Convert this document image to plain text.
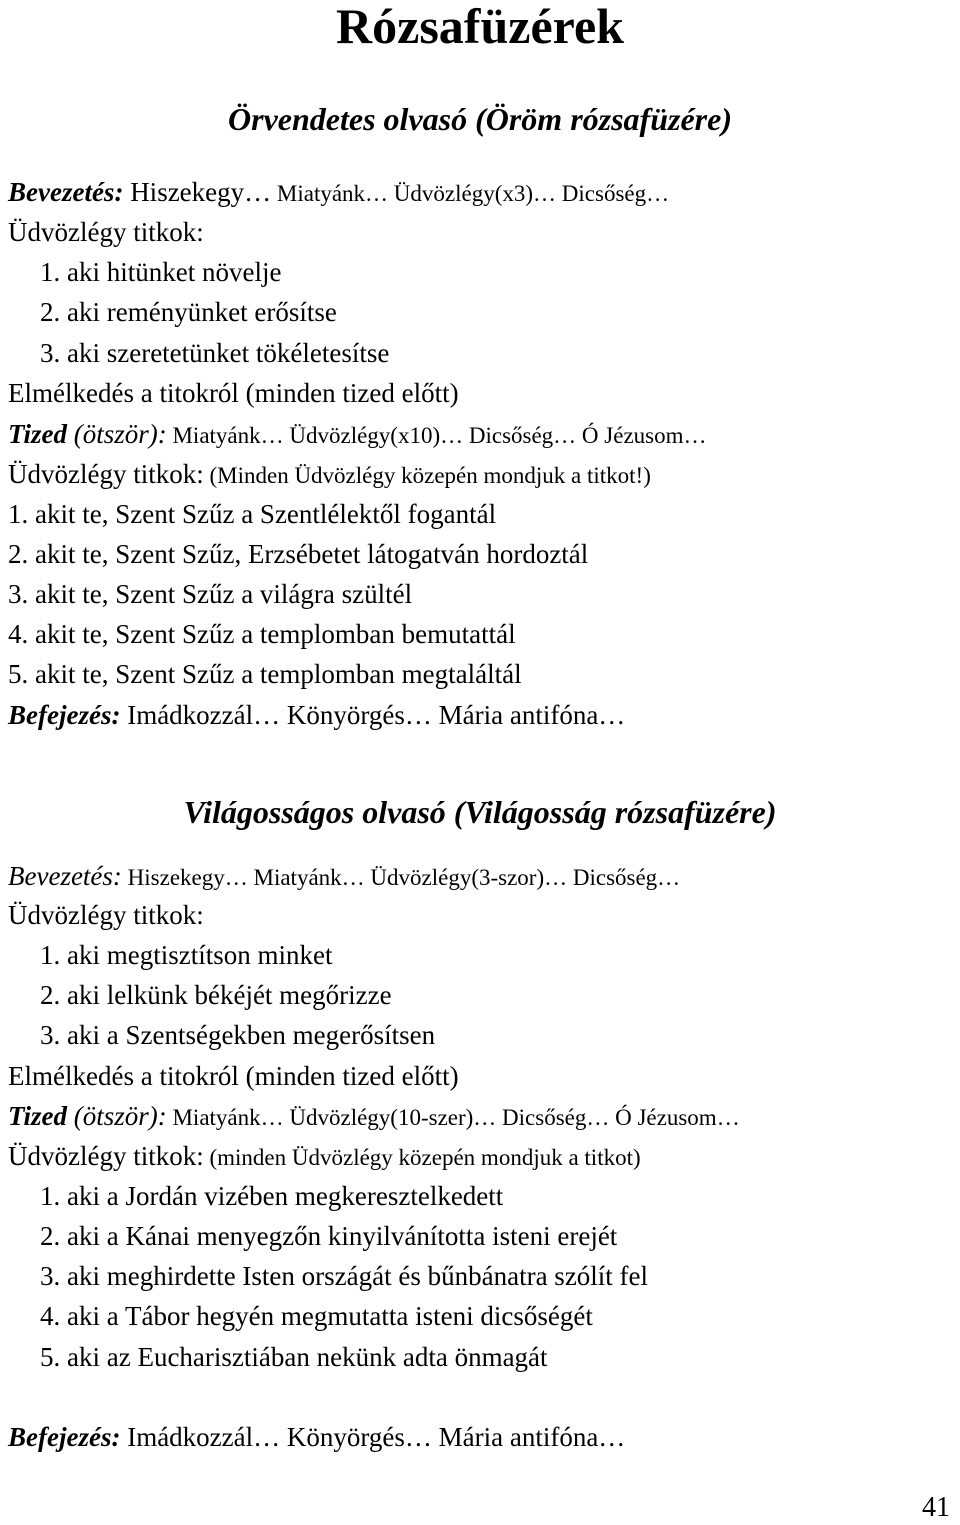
Rózsafüzérek
Örvendetes olvasó (Öröm rózsafüzére)
Bevezetés: Hiszekegy… Miatyánk… Üdvözlégy(x3)… Dicsőség…
Üdvözlégy titkok:
1. aki hitünket növelje
2. aki reményünket erősítse
3. aki szeretetünket tökéletesítse
Elmélkedés a titokról (minden tized előtt)
Tized (ötször): Miatyánk… Üdvözlégy(x10)… Dicsőség… Ó Jézusom…
Üdvözlégy titkok: (Minden Üdvözlégy közepén mondjuk a titkot!)
1. akit te, Szent Szűz a Szentlélektől fogantál
2. akit te, Szent Szűz, Erzsébetet látogatván hordoztál
3. akit te, Szent Szűz a világra szültél
4. akit te, Szent Szűz a templomban bemutattál
5. akit te, Szent Szűz a templomban megtaláltál
Befejezés: Imádkozzál… Könyörgés… Mária antifóna…
Világosságos olvasó (Világosság rózsafüzére)
Bevezetés: Hiszekegy… Miatyánk… Üdvözlégy(3-szor)… Dicsőség…
Üdvözlégy titkok:
1. aki megtisztítson minket
2. aki lelkünk békéjét megőrizze
3. aki a Szentségekben megerősítsen
Elmélkedés a titokról (minden tized előtt)
Tized (ötször): Miatyánk… Üdvözlégy(10-szer)… Dicsőség… Ó Jézusom…
Üdvözlégy titkok: (minden Üdvözlégy közepén mondjuk a titkot)
1. aki a Jordán vizében megkeresztelkedett
2. aki a Kánai menyegzőn kinyilvánította isteni erejét
3. aki meghirdette Isten országát és bűnbánatra szólít fel
4. aki a Tábor hegyén megmutatta isteni dicsőségét
5. aki az Eucharisztiában nekünk adta önmagát
Befejezés: Imádkozzál… Könyörgés… Mária antifóna…
41
